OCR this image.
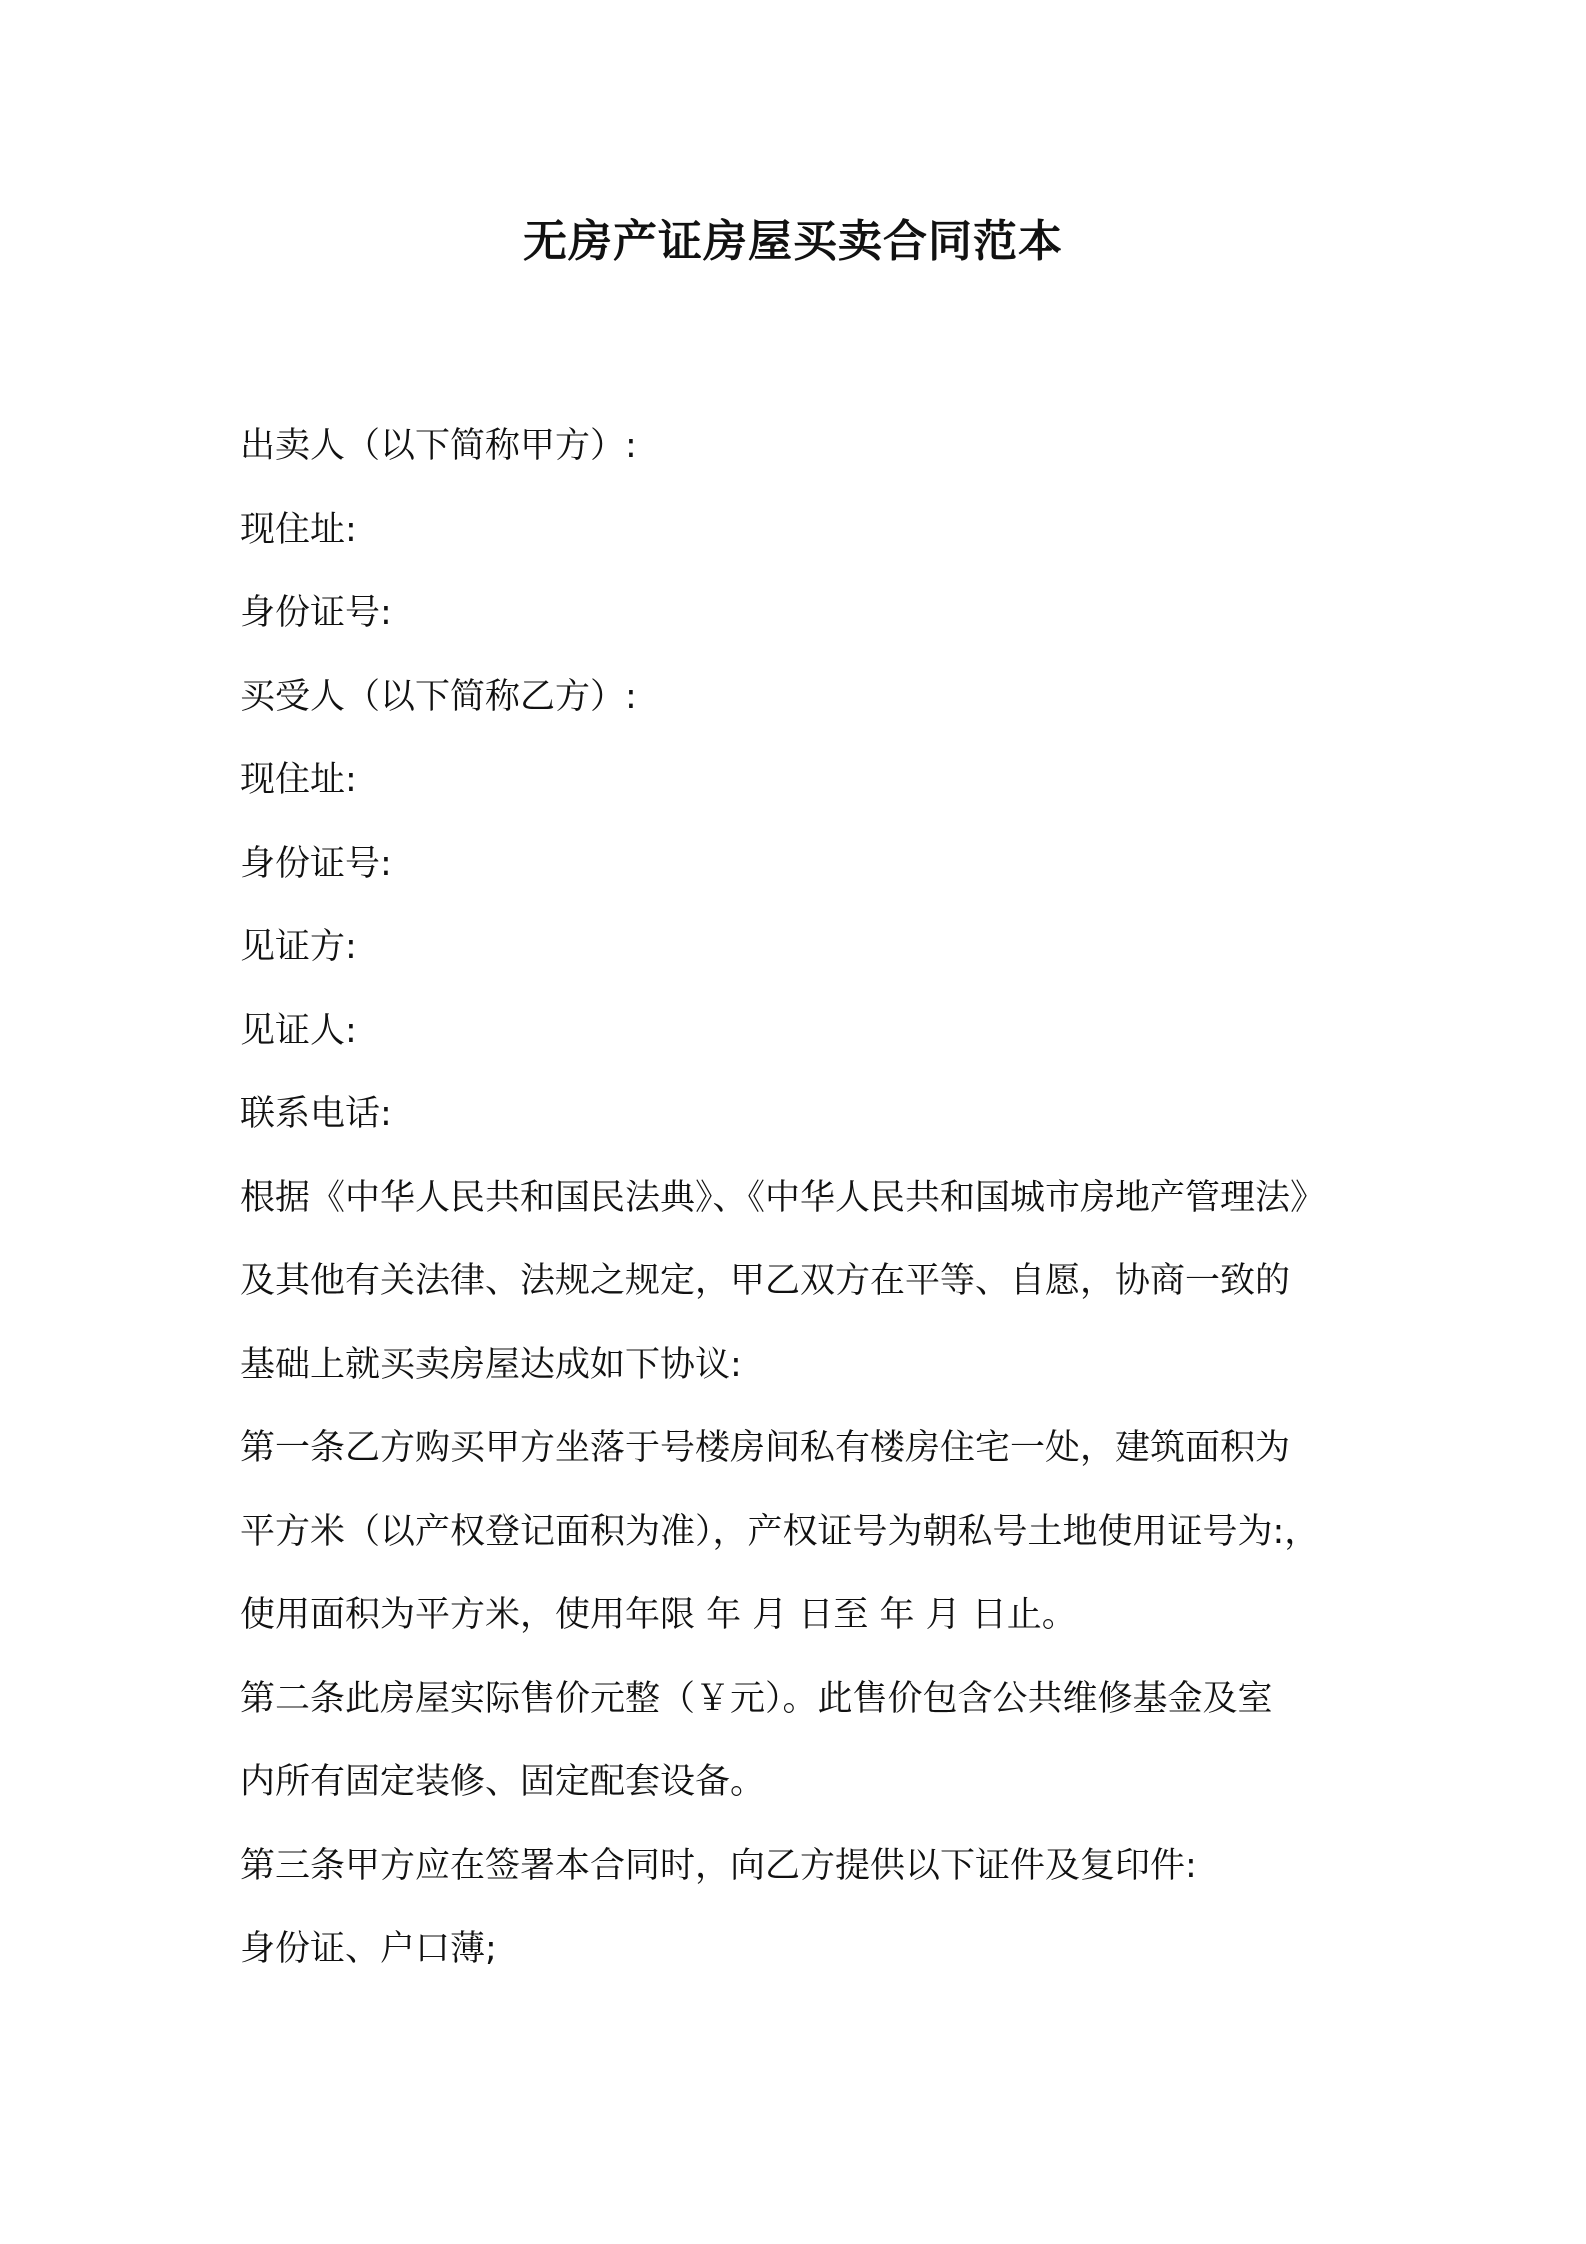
无房产证房屋买卖合同范本
出卖人（以下简称甲方）:
现住址:
身份证号:
买受人（以下简称乙方）:
现住址:
身份证号:
见证方:
见证人:
联系电话:
根据《中华人民共和国民法典》、《中华人民共和国城市房地产管理法》
及其他有关法律、法规之规定，甲乙双方在平等、自愿，协商一致的
基础上就买卖房屋达成如下协议:
第一条乙方购买甲方坐落于号楼房间私有楼房住宅一处，建筑面积为
平方米（以产权登记面积为准），产权证号为朝私号土地使用证号为:，
使用面积为平方米，使用年限 年 月 日至 年 月 日止。
第二条此房屋实际售价元整（￥元）。此售价包含公共维修基金及室
内所有固定装修、固定配套设备。
第三条甲方应在签署本合同时，向乙方提供以下证件及复印件:
身份证、户口薄;
